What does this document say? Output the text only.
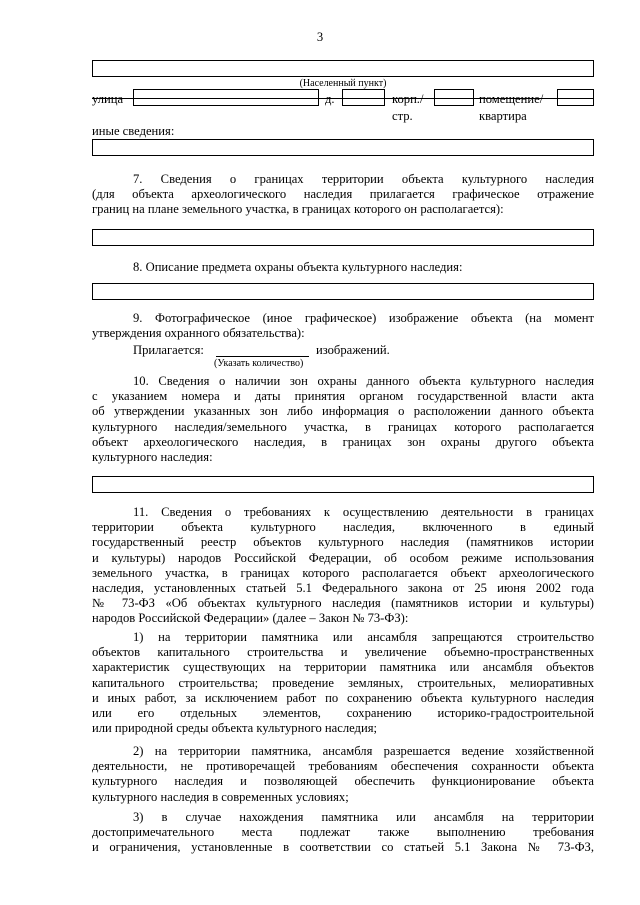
3
(Населенный пункт)
улица	д.	корп./
стр.
помещение/
квартира
иные сведения:
7. Сведения о границах территории объекта культурного наследия
(для объекта археологического наследия прилагается графическое отражение
границ на плане земельного участка, в границах которого он располагается):
8. Описание предмета охраны объекта культурного наследия:
9. Фотографическое (иное графическое) изображение объекта (на момент
утверждения охранного обязательства):
Прилагается:	изображений.
(Указать количество)
10. Сведения о наличии зон охраны данного объекта культурного наследия
с указанием номера и даты принятия органом государственной власти акта
об утверждении указанных зон либо информация о расположении данного объекта
культурного наследия/земельного участка, в границах которого располагается
объект археологического наследия, в границах зон охраны другого объекта
культурного наследия:
11. Сведения о требованиях к осуществлению деятельности в границах
территории объекта культурного наследия, включенного в единый
государственный реестр объектов культурного наследия (памятников истории
и культуры) народов Российской Федерации, об особом режиме использования
земельного участка, в границах которого располагается объект археологического
наследия, установленных статьей 5.1 Федерального закона от 25 июня 2002 года
№ 73-ФЗ «Об объектах культурного наследия (памятников истории и культуры)
народов Российской Федерации» (далее – Закон № 73-ФЗ):
1) на территории памятника или ансамбля запрещаются строительство
объектов капитального строительства и увеличение объемно-пространственных
характеристик существующих на территории памятника или ансамбля объектов
капитального строительства; проведение земляных, строительных, мелиоративных
и иных работ, за исключением работ по сохранению объекта культурного наследия
или его отдельных элементов, сохранению историко-градостроительной
или природной среды объекта культурного наследия;
2) на территории памятника, ансамбля разрешается ведение хозяйственной
деятельности, не противоречащей требованиям обеспечения сохранности объекта
культурного наследия и позволяющей обеспечить функционирование объекта
культурного наследия в современных условиях;
3) в случае нахождения памятника или ансамбля на территории
достопримечательного места подлежат также выполнению требования
и ограничения, установленные в соответствии со статьей 5.1 Закона № 73-ФЗ,
